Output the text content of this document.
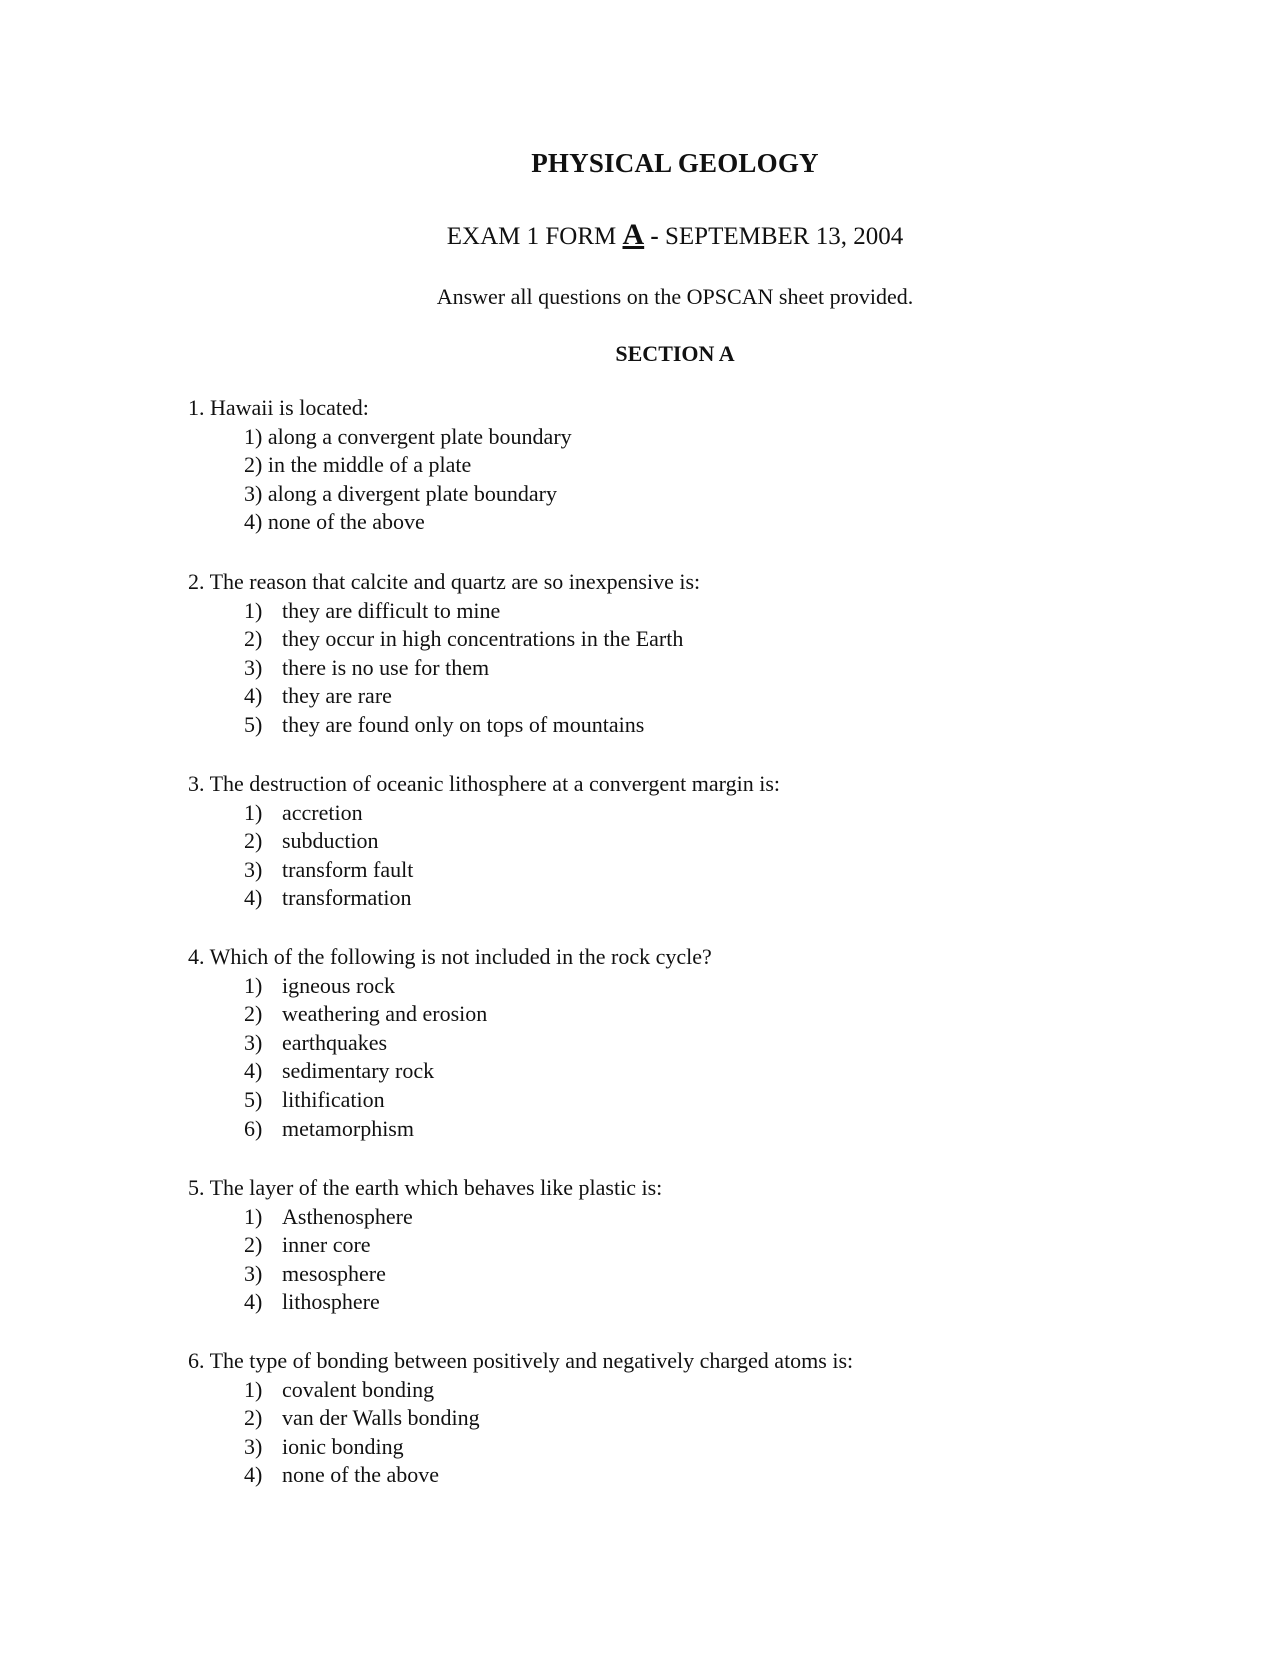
PHYSICAL GEOLOGY
EXAM 1 FORM A - SEPTEMBER 13, 2004
Answer all questions on the OPSCAN sheet provided.
SECTION A
1. Hawaii is located:
1) along a convergent plate boundary
2) in the middle of a plate
3) along a divergent plate boundary
4) none of the above
2. The reason that calcite and quartz are so inexpensive is:
1) they are difficult to mine
2) they occur in high concentrations in the Earth
3) there is no use for them
4) they are rare
5) they are found only on tops of mountains
3. The destruction of oceanic lithosphere at a convergent margin is:
1) accretion
2) subduction
3) transform fault
4) transformation
4. Which of the following is not included in the rock cycle?
1) igneous rock
2) weathering and erosion
3) earthquakes
4) sedimentary rock
5) lithification
6) metamorphism
5. The layer of the earth which behaves like plastic is:
1) Asthenosphere
2) inner core
3) mesosphere
4) lithosphere
6. The type of bonding between positively and negatively charged atoms is:
1) covalent bonding
2) van der Walls bonding
3) ionic bonding
4) none of the above
